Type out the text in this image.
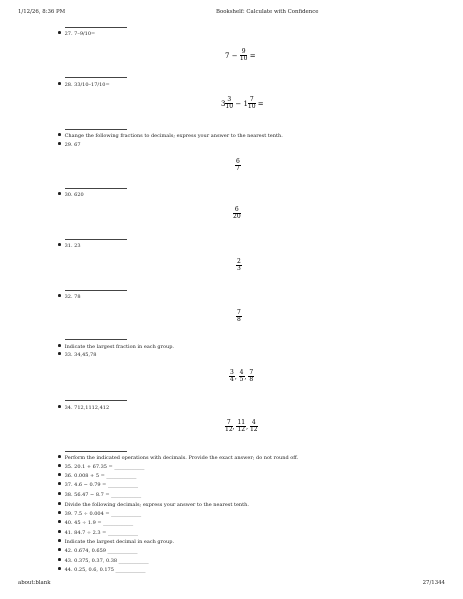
1/12/26, 8:36 PM	Bookshelf: Calculate with Confidence
27. 7–9/10=
$7 - \frac{9}{10}$ =
28. 33/10–17/10=
$3 \frac{3}{10} - 1 \frac{7}{10}$ =
Change the following fractions to decimals; express your answer to the nearest tenth.
29. 67
$\frac{6}{7}$
30. 620
$\frac{6}{20}$
31. 23
$\frac{2}{3}$
32. 78
$\frac{7}{8}$
Indicate the largest fraction in each group.
33. 34,45,78
$\frac{3}{4}$ , $\frac{4}{5}$ , $\frac{7}{8}$
34. 712,1112,412
$\frac{7}{12}$ , $\frac{11}{12}$ , $\frac{4}{12}$
Perform the indicated operations with decimals. Provide the exact answer; do not round off.
35. 20.1 + 67.35 = ____________
36. 0.008 + 5 = ____________
37. 4.6 − 0.79 = ____________
38. 56.47 − 8.7 = ____________
Divide the following decimals; express your answer to the nearest tenth.
39. 7.5 ÷ 0.004 = ____________
40. 45 ÷ 1.9 = ____________
41. 84.7 ÷ 2.3 = ____________
Indicate the largest decimal in each group.
42. 0.674, 0.659 ____________
43. 0.375, 0.37, 0.38 ____________
44. 0.25, 0.6, 0.175 ____________
about:blank	27/1344
